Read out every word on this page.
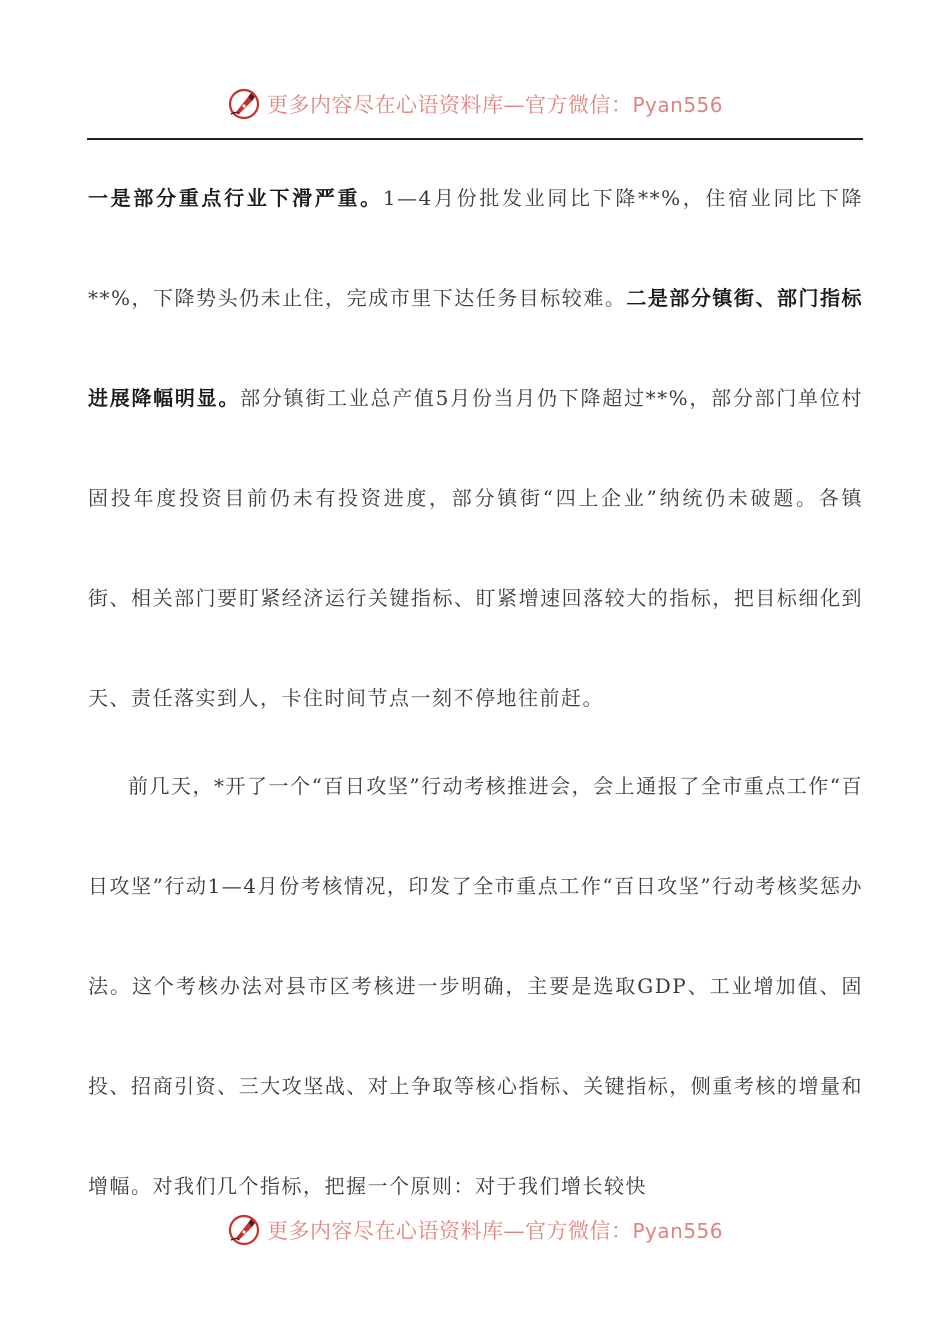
更多内容尽在心语资料库—官方微信：Pyan556

一是部分重点行业下滑严重。1—4月份批发业同比下降**%，住宿业同比下降**%，下降势头仍未止住，完成市里下达任务目标较难。二是部分镇街、部门指标进展降幅明显。部分镇街工业总产值5月份当月仍下降超过**%，部分部门单位村固投年度投资目前仍未有投资进度，部分镇街“四上企业”纳统仍未破题。各镇街、相关部门要盯紧经济运行关键指标、盯紧增速回落较大的指标，把目标细化到天、责任落实到人，卡住时间节点一刻不停地往前赶。

前几天，*开了一个“百日攻坚”行动考核推进会，会上通报了全市重点工作“百日攻坚”行动1—4月份考核情况，印发了全市重点工作“百日攻坚”行动考核奖惩办法。这个考核办法对县市区考核进一步明确，主要是选取GDP、工业增加值、固投、招商引资、三大攻坚战、对上争取等核心指标、关键指标，侧重考核的增量和增幅。对我们几个指标，把握一个原则：对于我们增长较快

更多内容尽在心语资料库—官方微信：Pyan556
